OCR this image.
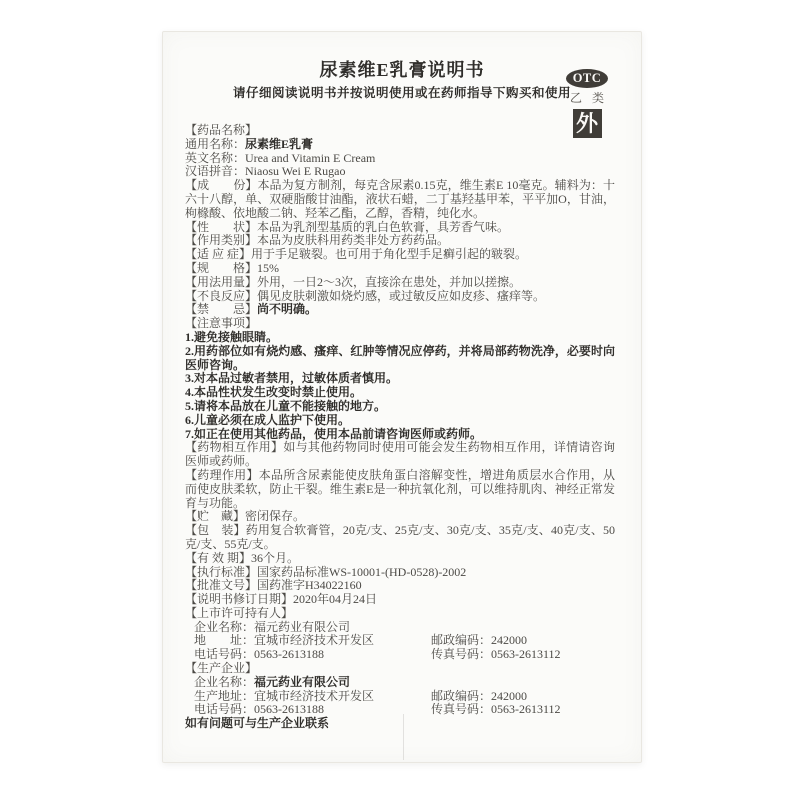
尿素维E乳膏说明书

请仔细阅读说明书并按说明使用或在药师指导下购买和使用

OTC
乙 类
外
【药品名称】
通用名称：尿素维E乳膏
英文名称：Urea and Vitamin E Cream
汉语拼音：Niaosu Wei E Rugao
【成　　份】本品为复方制剂，每克含尿素0.15克，维生素E 10毫克。辅料为：十六十八醇，单、双硬脂酸甘油酯，液状石蜡，二丁基羟基甲苯，平平加O，甘油，枸橼酸、依地酸二钠、羟苯乙酯，乙醇，香精，纯化水。
【性　　状】本品为乳剂型基质的乳白色软膏，具芳香气味。
【作用类别】本品为皮肤科用药类非处方药药品。
【适 应 症】用于手足皲裂。也可用于角化型手足癣引起的皲裂。
【规　　格】15%
【用法用量】外用，一日2～3次，直接涂在患处，并加以搓擦。
【不良反应】偶见皮肤刺激如烧灼感，或过敏反应如皮疹、瘙痒等。
【禁　　忌】尚不明确。
【注意事项】
1.避免接触眼睛。
2.用药部位如有烧灼感、瘙痒、红肿等情况应停药，并将局部药物洗净，必要时向医师咨询。
3.对本品过敏者禁用，过敏体质者慎用。
4.本品性状发生改变时禁止使用。
5.请将本品放在儿童不能接触的地方。
6.儿童必须在成人监护下使用。
7.如正在使用其他药品，使用本品前请咨询医师或药师。
【药物相互作用】如与其他药物同时使用可能会发生药物相互作用，详情请咨询医师或药师。
【药理作用】本品所含尿素能使皮肤角蛋白溶解变性，增进角质层水合作用，从而使皮肤柔软，防止干裂。维生素E是一种抗氧化剂，可以维持肌肉、神经正常发育与功能。
【贮　藏】密闭保存。
【包　装】药用复合软膏管，20克/支、25克/支、30克/支、35克/支、40克/支、50克/支、55克/支。
【有 效 期】36个月。
【执行标准】国家药品标准WS-10001-(HD-0528)-2002
【批准文号】国药准字H34022160
【说明书修订日期】2020年04月24日
【上市许可持有人】
企业名称：福元药业有限公司
地　　址：宜城市经济技术开发区	邮政编码：242000
电话号码：0563-2613188	传真号码：0563-2613112
【生产企业】
企业名称：福元药业有限公司
生产地址：宜城市经济技术开发区	邮政编码：242000
电话号码：0563-2613188	传真号码：0563-2613112
如有问题可与生产企业联系
